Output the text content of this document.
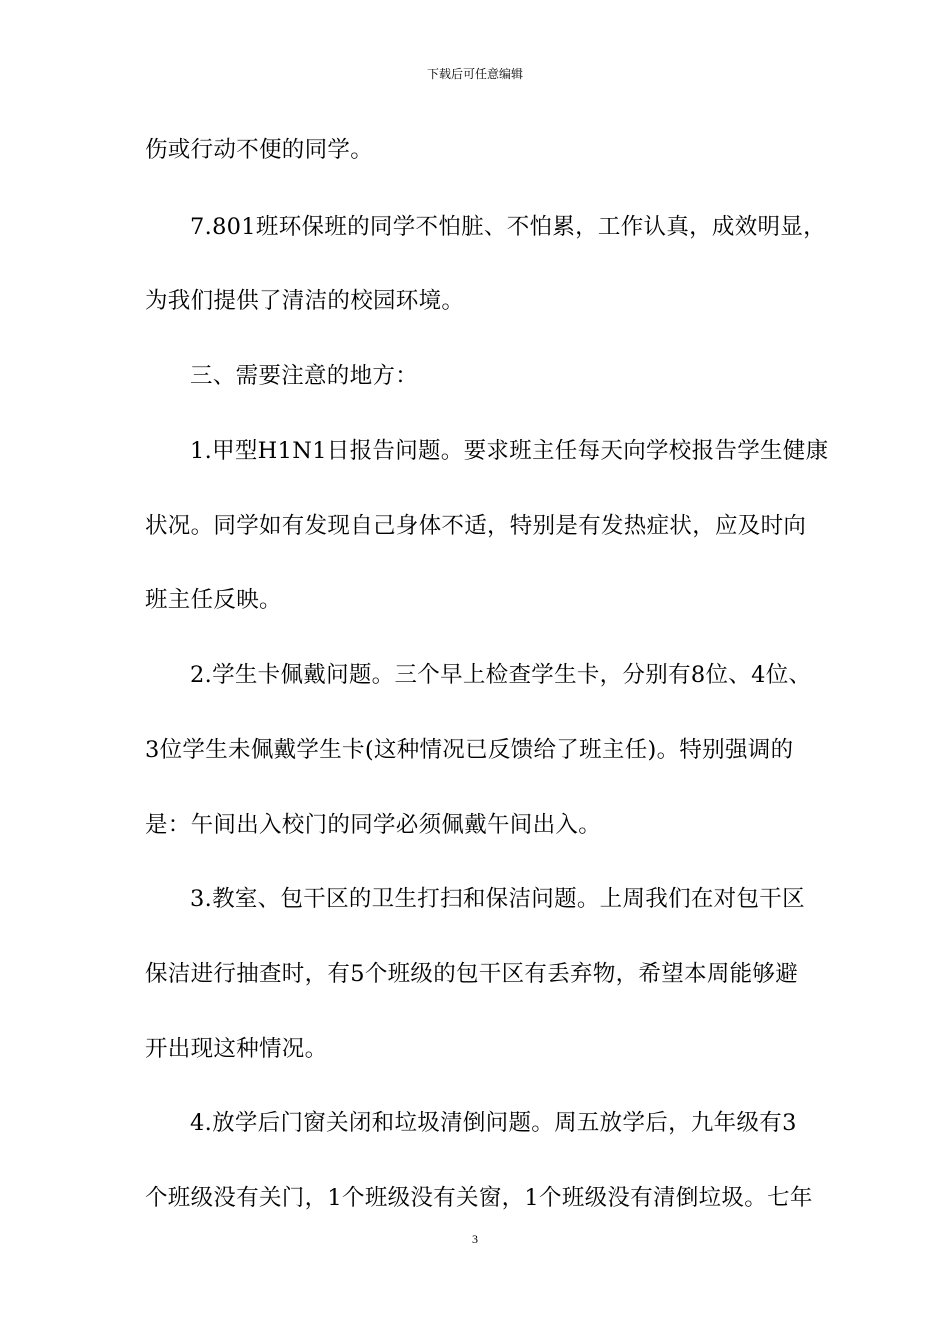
下载后可任意编辑
伤或行动不便的同学。
7.801班环保班的同学不怕脏、不怕累，工作认真，成效明显，
为我们提供了清洁的校园环境。
三、需要注意的地方：
1.甲型H1N1日报告问题。要求班主任每天向学校报告学生健康
状况。同学如有发现自己身体不适，特别是有发热症状，应及时向
班主任反映。
2.学生卡佩戴问题。三个早上检查学生卡，分别有8位、4位、
3位学生未佩戴学生卡(这种情况已反馈给了班主任)。特别强调的
是：午间出入校门的同学必须佩戴午间出入。
3.教室、包干区的卫生打扫和保洁问题。上周我们在对包干区
保洁进行抽查时，有5个班级的包干区有丢弃物，希望本周能够避
开出现这种情况。
4.放学后门窗关闭和垃圾清倒问题。周五放学后，九年级有3
个班级没有关门，1个班级没有关窗，1个班级没有清倒垃圾。七年
3
